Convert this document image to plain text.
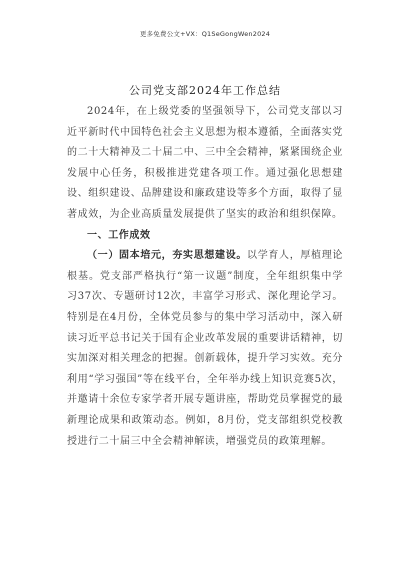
更多免费公文+VX：Q1SeGongWen2024
公司党支部2024年工作总结

2024年，在上级党委的坚强领导下，公司党支部以习近平新时代中国特色社会主义思想为根本遵循，全面落实党的二十大精神及二十届二中、三中全会精神，紧紧围绕企业发展中心任务，积极推进党建各项工作。通过强化思想建设、组织建设、品牌建设和廉政建设等多个方面，取得了显著成效，为企业高质量发展提供了坚实的政治和组织保障。

一、工作成效

（一）固本培元，夯实思想建设。以学育人，厚植理论根基。党支部严格执行“第一议题”制度，全年组织集中学习37次、专题研讨12次，丰富学习形式、深化理论学习。特别是在4月份，全体党员参与的集中学习活动中，深入研读习近平总书记关于国有企业改革发展的重要讲话精神，切实加深对相关理念的把握。创新载体，提升学习实效。充分利用“学习强国”等在线平台，全年举办线上知识竞赛5次，并邀请十余位专家学者开展专题讲座，帮助党员掌握党的最新理论成果和政策动态。例如，8月份，党支部组织党校教授进行二十届三中全会精神解读，增强党员的政策理解。
